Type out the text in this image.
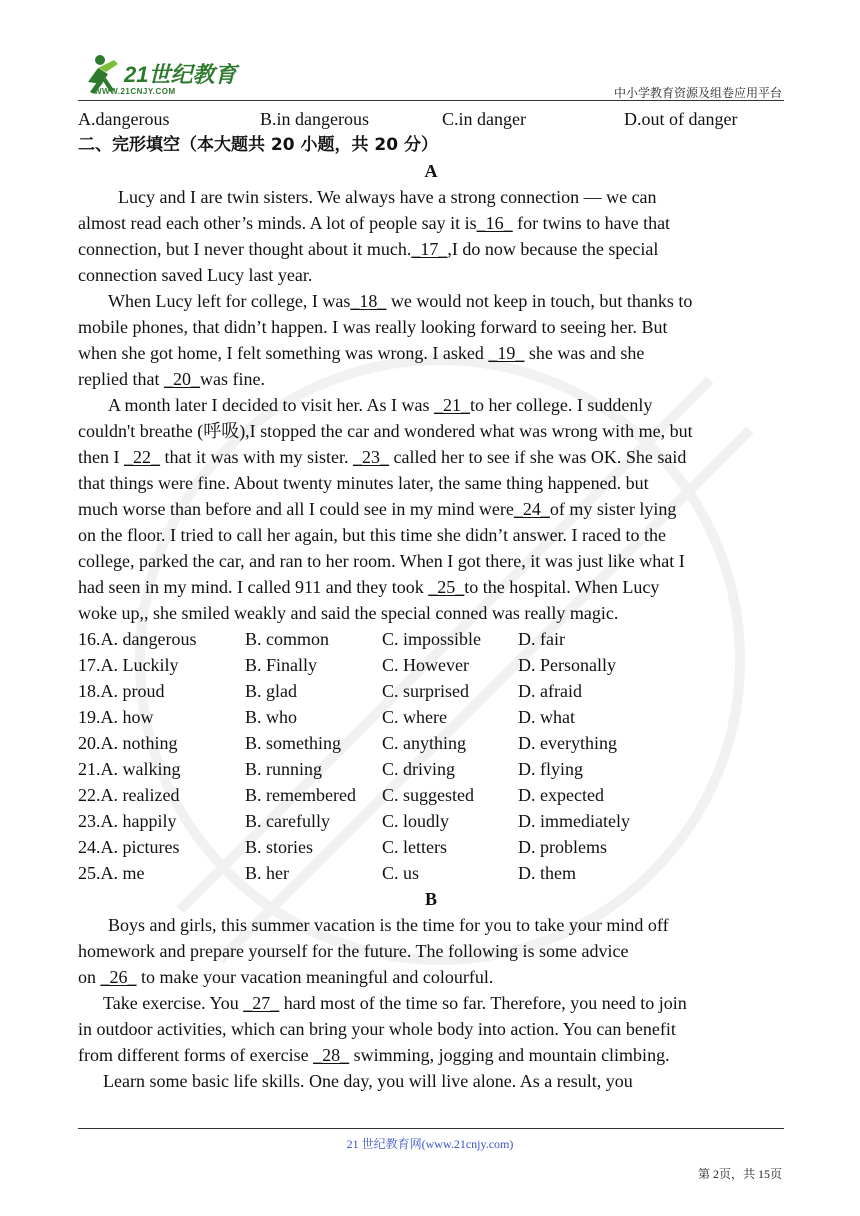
21世纪教育
WWW.21CNJY.COM	中小学教育资源及组卷应用平台
A.dangerous	B.in dangerous	C.in danger	D.out of danger
二、完形填空（本大题共 20 小题，共 20 分）
A
Lucy and I are twin sisters. We always have a strong connection — we can
almost read each other’s minds. A lot of people say it is_16_ for twins to have that
connection, but I never thought about it much._17_,I do now because the special
connection saved Lucy last year.
When Lucy left for college, I was_18_ we would not keep in touch, but thanks to
mobile phones, that didn’t happen. I was really looking forward to seeing her. But
when she got home, I felt something was wrong. I asked _19_ she was and she
replied that _20_was fine.
A month later I decided to visit her. As I was _21_to her college. I suddenly
couldn't breathe (呼吸),I stopped the car and wondered what was wrong with me, but
then I _22_ that it was with my sister. _23_ called her to see if she was OK. She said
that things were fine. About twenty minutes later, the same thing happened. but
much worse than before and all I could see in my mind were_24_of my sister lying
on the floor. I tried to call her again, but this time she didn’t answer. I raced to the
college, parked the car, and ran to her room. When I got there, it was just like what I
had seen in my mind. I called 911 and they took _25_to the hospital. When Lucy
woke up,, she smiled weakly and said the special conned was really magic.
16.A. dangerous	B. common	C. impossible D. fair
17.A. Luckily	B. Finally	C. However	D. Personally
18.A. proud	B. glad	C. surprised	D. afraid
19.A. how	B. who	C. where	D. what
20.A. nothing	B. something C. anything	D. everything
21.A. walking	B. running	C. driving	D. flying
22.A. realized	B. remembered C. suggested D. expected
23.A. happily	B. carefully	C. loudly	D. immediately
24.A. pictures	B. stories	C. letters	D. problems
25.A. me	B. her	C. us	D. them
B
Boys and girls, this summer vacation is the time for you to take your mind off
homework and prepare yourself for the future. The following is some advice
on _26_ to make your vacation meaningful and colourful.
Take exercise. You _27_ hard most of the time so far. Therefore, you need to join
in outdoor activities, which can bring your whole body into action. You can benefit
from different forms of exercise _28_ swimming, jogging and mountain climbing.
Learn some basic life skills. One day, you will live alone. As a result, you
21 世纪教育网(www.21cnjy.com)
第 2页，共 15页
